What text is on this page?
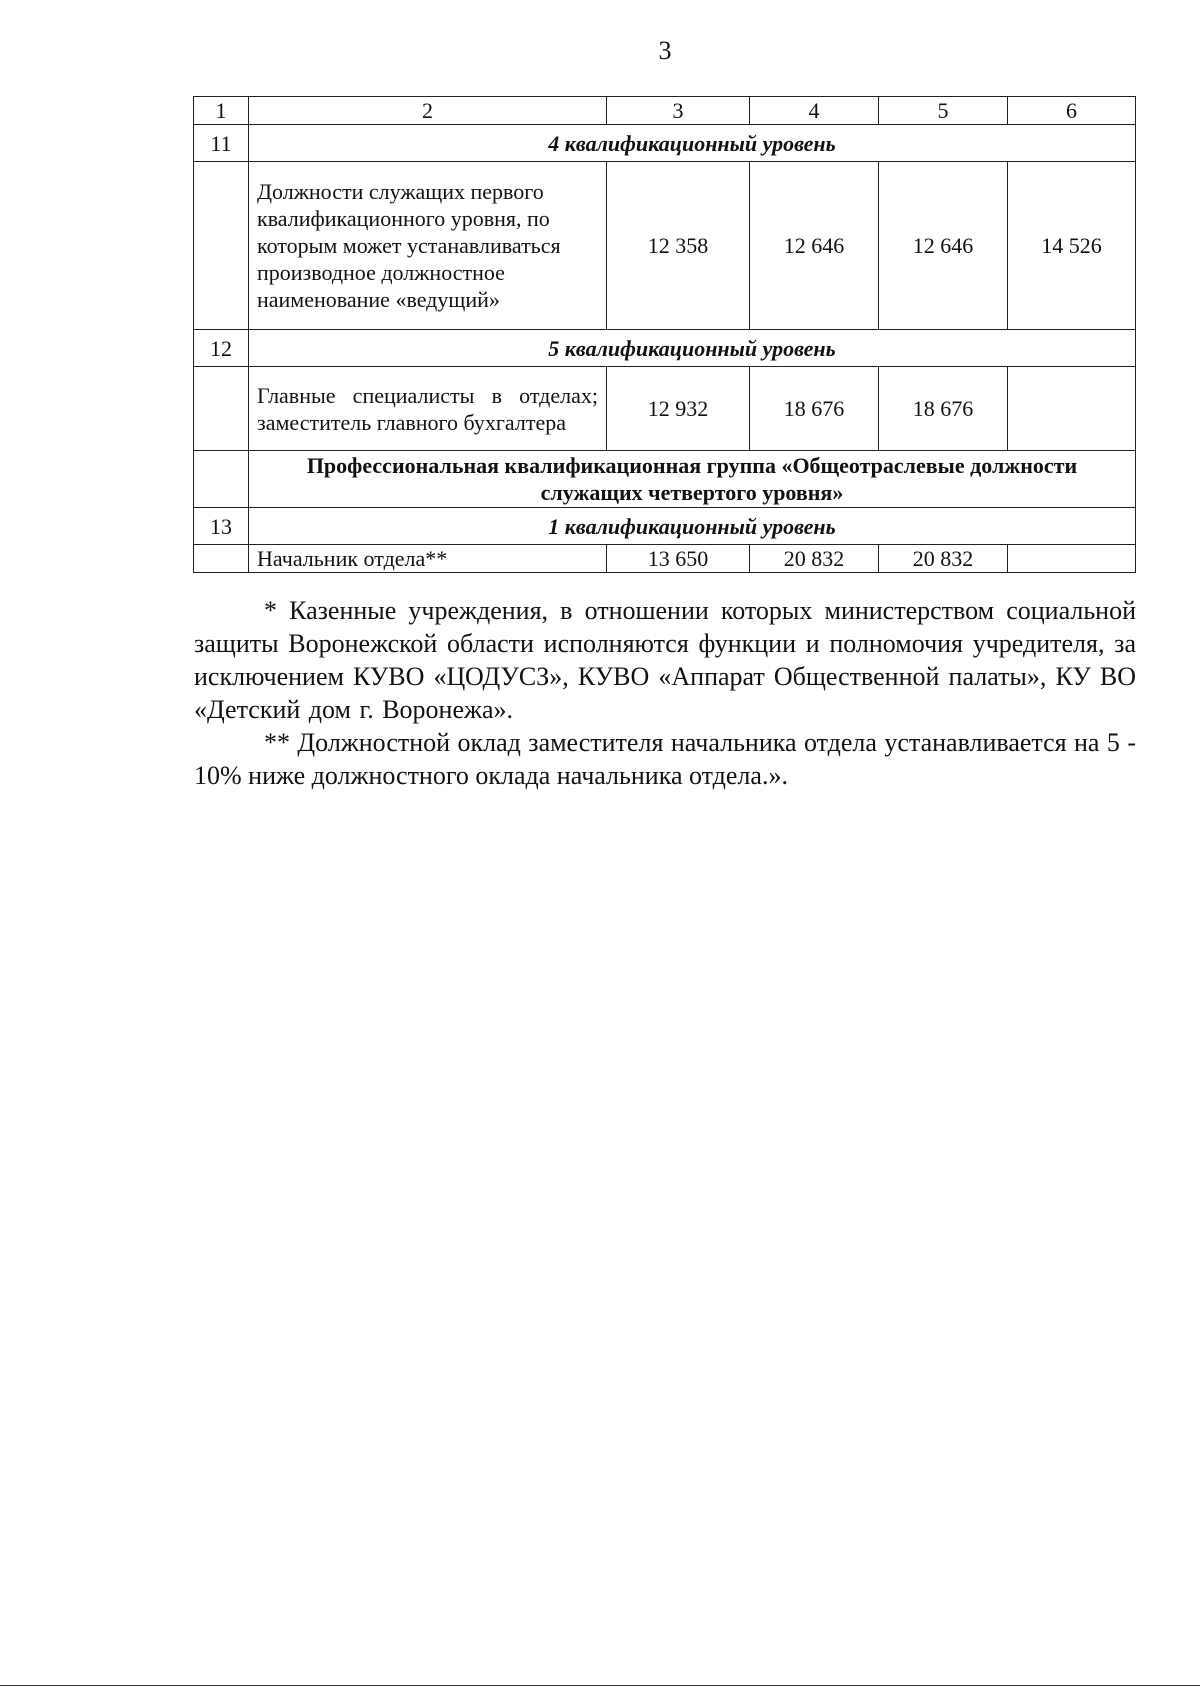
3
1	2	3	4	5	6
11	4 квалификационный уровень				
	Должности служащих первого квалификационного уровня, по которым может устанавливаться производное должностное наименование «ведущий»	12 358	12 646	12 646	14 526
12	5 квалификационный уровень				
	Главные специалисты в отделах; заместитель главного бухгалтера	12 932	18 676	18 676	
	Профессиональная квалификационная группа «Общеотраслевые должности служащих четвертого уровня»				
13	1 квалификационный уровень				
	Начальник отдела**	13 650	20 832	20 832	

* Казенные учреждения, в отношении которых министерством социальной защиты Воронежской области исполняются функции и полномочия учредителя, за исключением КУВО «ЦОДУСЗ», КУВО «Аппарат Общественной палаты», КУ ВО «Детский дом г. Воронежа».

** Должностной оклад заместителя начальника отдела устанавливается на 5 - 10% ниже должностного оклада начальника отдела.».
